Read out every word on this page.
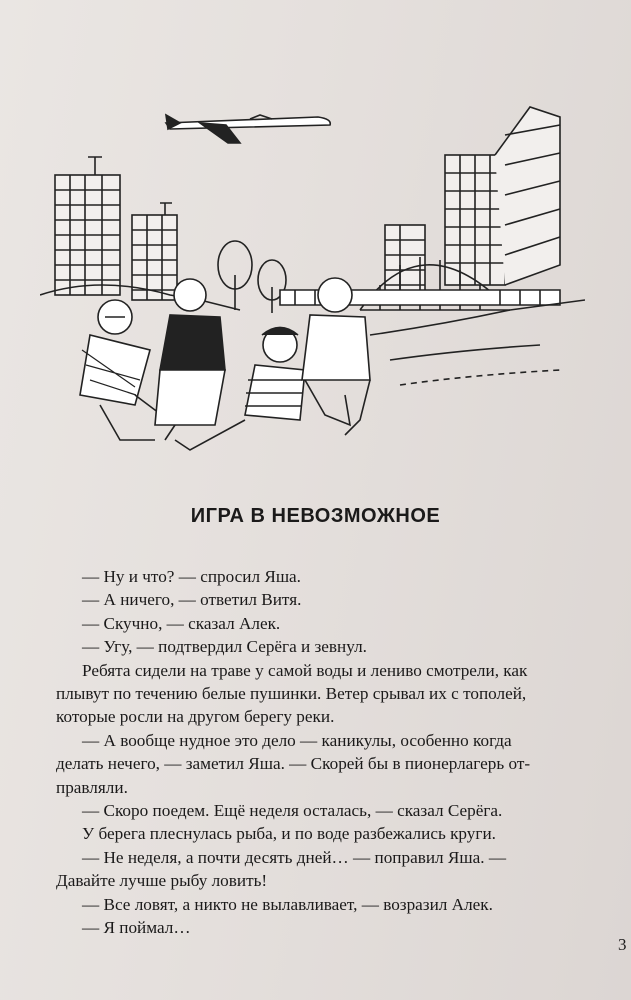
ИГРА В НЕВОЗМОЖНОЕ
— Ну и что? — спросил Яша.
— А ничего, — ответил Витя.
— Скучно, — сказал Алек.
— Угу, — подтвердил Серёга и зевнул.
Ребята сидели на траве у самой воды и лениво смотрели, как
плывут по течению белые пушинки. Ветер срывал их с тополей,
которые росли на другом берегу реки.
— А вообще нудное это дело — каникулы, особенно когда
делать нечего, — заметил Яша. — Скорей бы в пионерлагерь от-
правляли.
— Скоро поедем. Ещё неделя осталась, — сказал Серёга.
У берега плеснулась рыба, и по воде разбежались круги.
— Не неделя, а почти десять дней… — поправил Яша. —
Давайте лучше рыбу ловить!
— Все ловят, а никто не вылавливает, — возразил Алек.
— Я поймал…
3
